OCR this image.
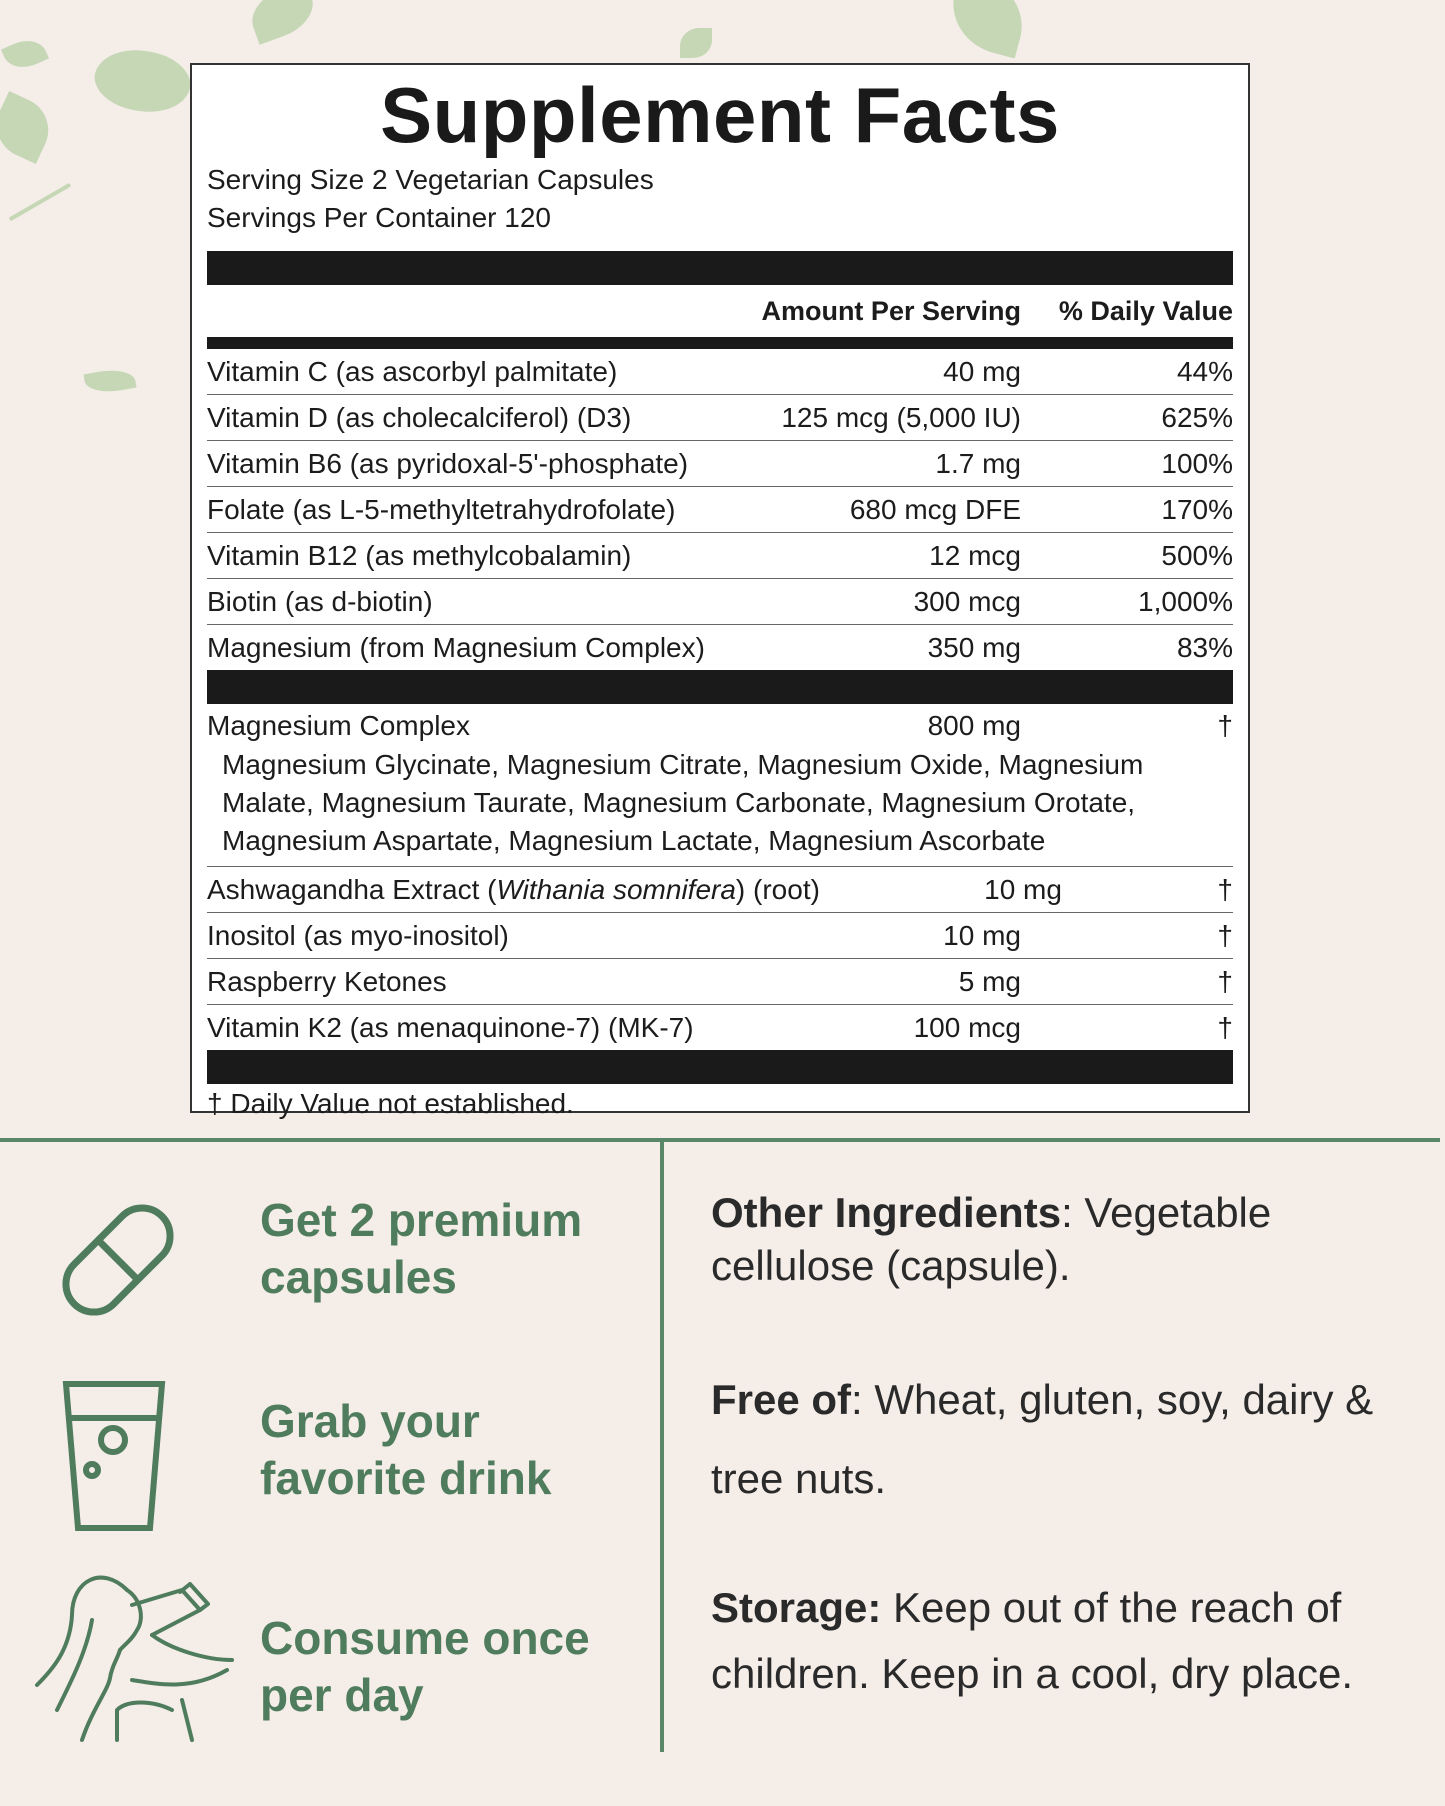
Supplement Facts
Serving Size 2 Vegetarian Capsules
Servings Per Container 120
Amount Per Serving	% Daily Value
Vitamin C (as ascorbyl palmitate)	40 mg	44%
Vitamin D (as cholecalciferol) (D3)	125 mcg (5,000 IU)	625%
Vitamin B6 (as pyridoxal-5'-phosphate)	1.7 mg	100%
Folate (as L-5-methyltetrahydrofolate)	680 mcg DFE	170%
Vitamin B12 (as methylcobalamin)	12 mcg	500%
Biotin (as d-biotin)	300 mcg	1,000%
Magnesium (from Magnesium Complex)	350 mg	83%
Magnesium Complex	800 mg	†
Magnesium Glycinate, Magnesium Citrate, Magnesium Oxide, Magnesium Malate, Magnesium Taurate, Magnesium Carbonate, Magnesium Orotate, Magnesium Aspartate, Magnesium Lactate, Magnesium Ascorbate
Ashwagandha Extract (Withania somnifera) (root)	10 mg	†
Inositol (as myo-inositol)	10 mg	†
Raspberry Ketones	5 mg	†
Vitamin K2 (as menaquinone-7) (MK-7)	100 mcg	†
† Daily Value not established.
Get 2 premium capsules
Grab your favorite drink
Consume once per day
Other Ingredients: Vegetable cellulose (capsule).
Free of: Wheat, gluten, soy, dairy & tree nuts.
Storage: Keep out of the reach of children. Keep in a cool, dry place.
